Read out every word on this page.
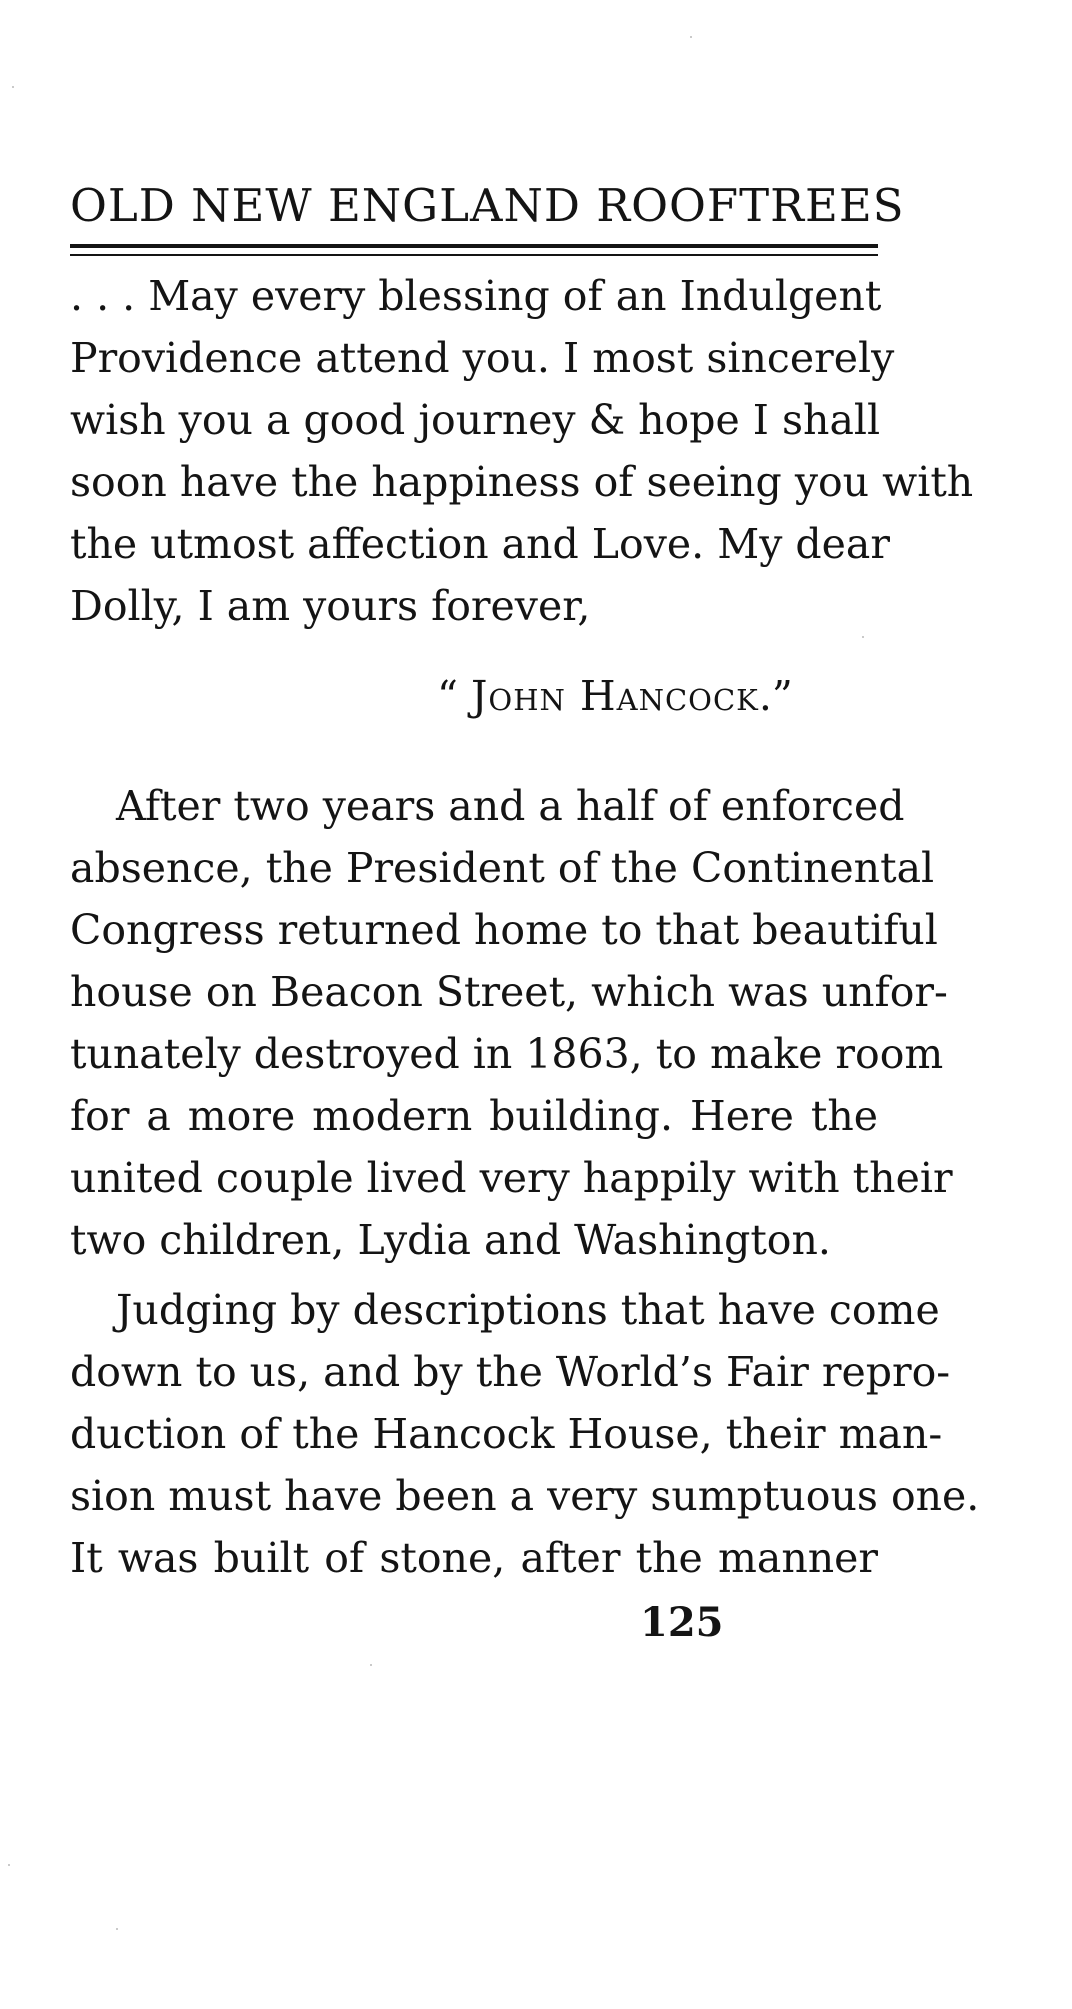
OLD NEW ENGLAND ROOFTREES
. . . May every blessing of an Indulgent
Providence attend you. I most sincerely
wish you a good journey & hope I shall
soon have the happiness of seeing you with
the utmost affection and Love. My dear
Dolly, I am yours forever,
“ John Hancock.”
After two years and a half of enforced
absence, the President of the Continental
Congress returned home to that beautiful
house on Beacon Street, which was unfor-
tunately destroyed in 1863, to make room
for a more modern building. Here the
united couple lived very happily with their
two children, Lydia and Washington.
Judging by descriptions that have come
down to us, and by the World’s Fair repro-
duction of the Hancock House, their man-
sion must have been a very sumptuous one.
It was built of stone, after the manner
125
